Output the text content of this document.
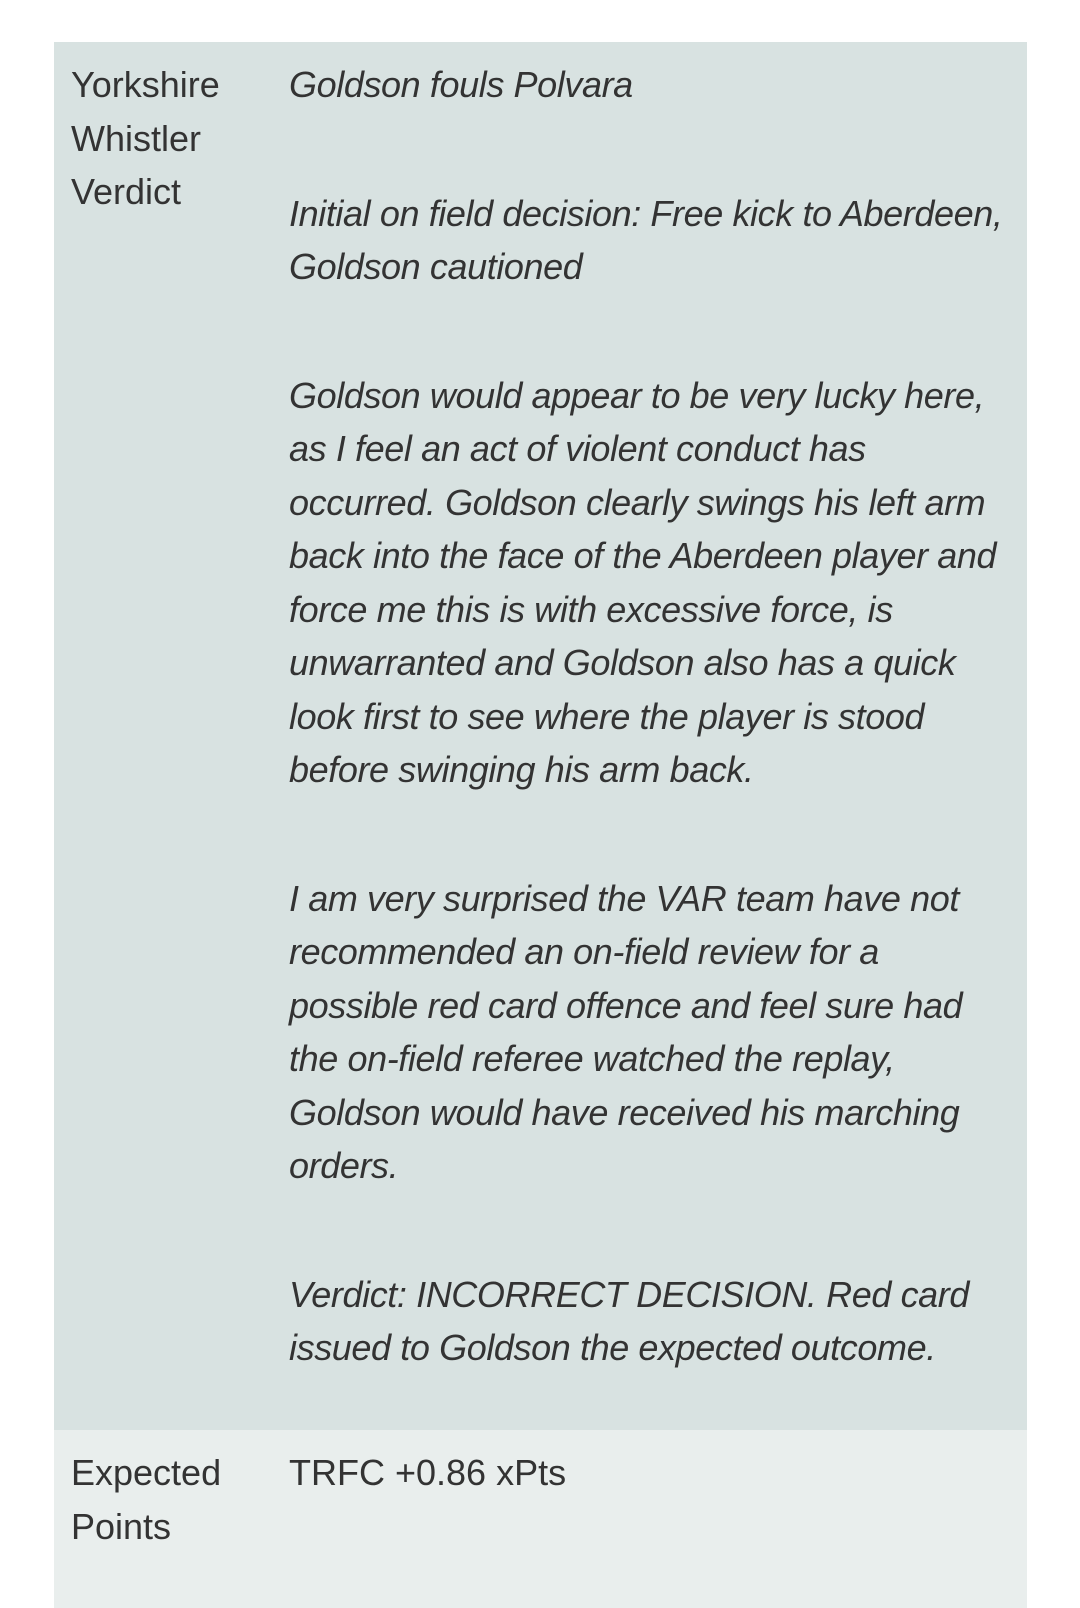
Yorkshire
Whistler
Verdict

Goldson fouls Polvara

Initial on field decision: Free kick to Aberdeen, Goldson cautioned

Goldson would appear to be very lucky here, as I feel an act of violent conduct has occurred. Goldson clearly swings his left arm back into the face of the Aberdeen player and force me this is with excessive force, is unwarranted and Goldson also has a quick look first to see where the player is stood before swinging his arm back.

I am very surprised the VAR team have not recommended an on-field review for a possible red card offence and feel sure had the on-field referee watched the replay, Goldson would have received his marching orders.

Verdict: INCORRECT DECISION. Red card issued to Goldson the expected outcome.

Expected
Points
TRFC +0.86 xPts
